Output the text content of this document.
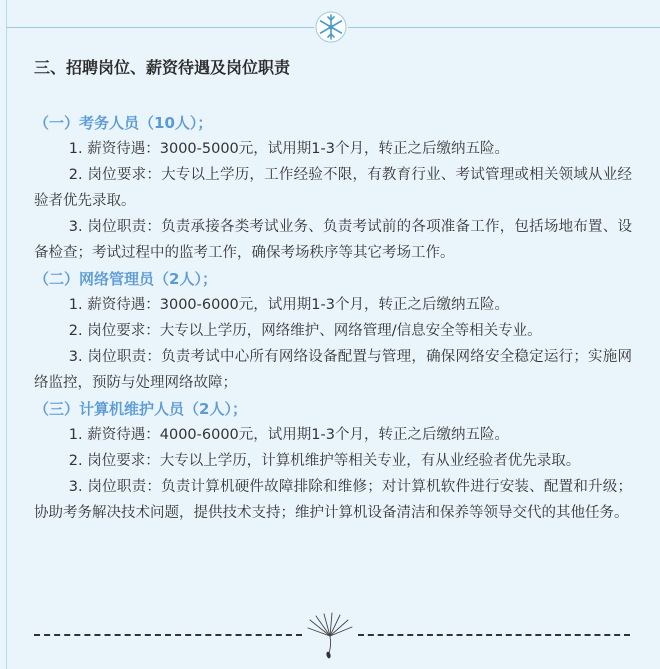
三、招聘岗位、薪资待遇及岗位职责

（一）考务人员（10人）；

1. 薪资待遇：3000-5000元，试用期1-3个月，转正之后缴纳五险。

2. 岗位要求：大专以上学历，工作经验不限，有教育行业、考试管理或相关领域从业经验者优先录取。

3. 岗位职责：负责承接各类考试业务、负责考试前的各项准备工作，包括场地布置、设备检查；考试过程中的监考工作，确保考场秩序等其它考场工作。

（二）网络管理员（2人）；

1. 薪资待遇：3000-6000元，试用期1-3个月，转正之后缴纳五险。

2. 岗位要求：大专以上学历，网络维护、网络管理/信息安全等相关专业。

3. 岗位职责：负责考试中心所有网络设备配置与管理，确保网络安全稳定运行；实施网络监控，预防与处理网络故障；

（三）计算机维护人员（2人）；

1. 薪资待遇：4000-6000元，试用期1-3个月，转正之后缴纳五险。

2. 岗位要求：大专以上学历，计算机维护等相关专业，有从业经验者优先录取。

3. 岗位职责：负责计算机硬件故障排除和维修；对计算机软件进行安装、配置和升级；协助考务解决技术问题，提供技术支持；维护计算机设备清洁和保养等领导交代的其他任务。
